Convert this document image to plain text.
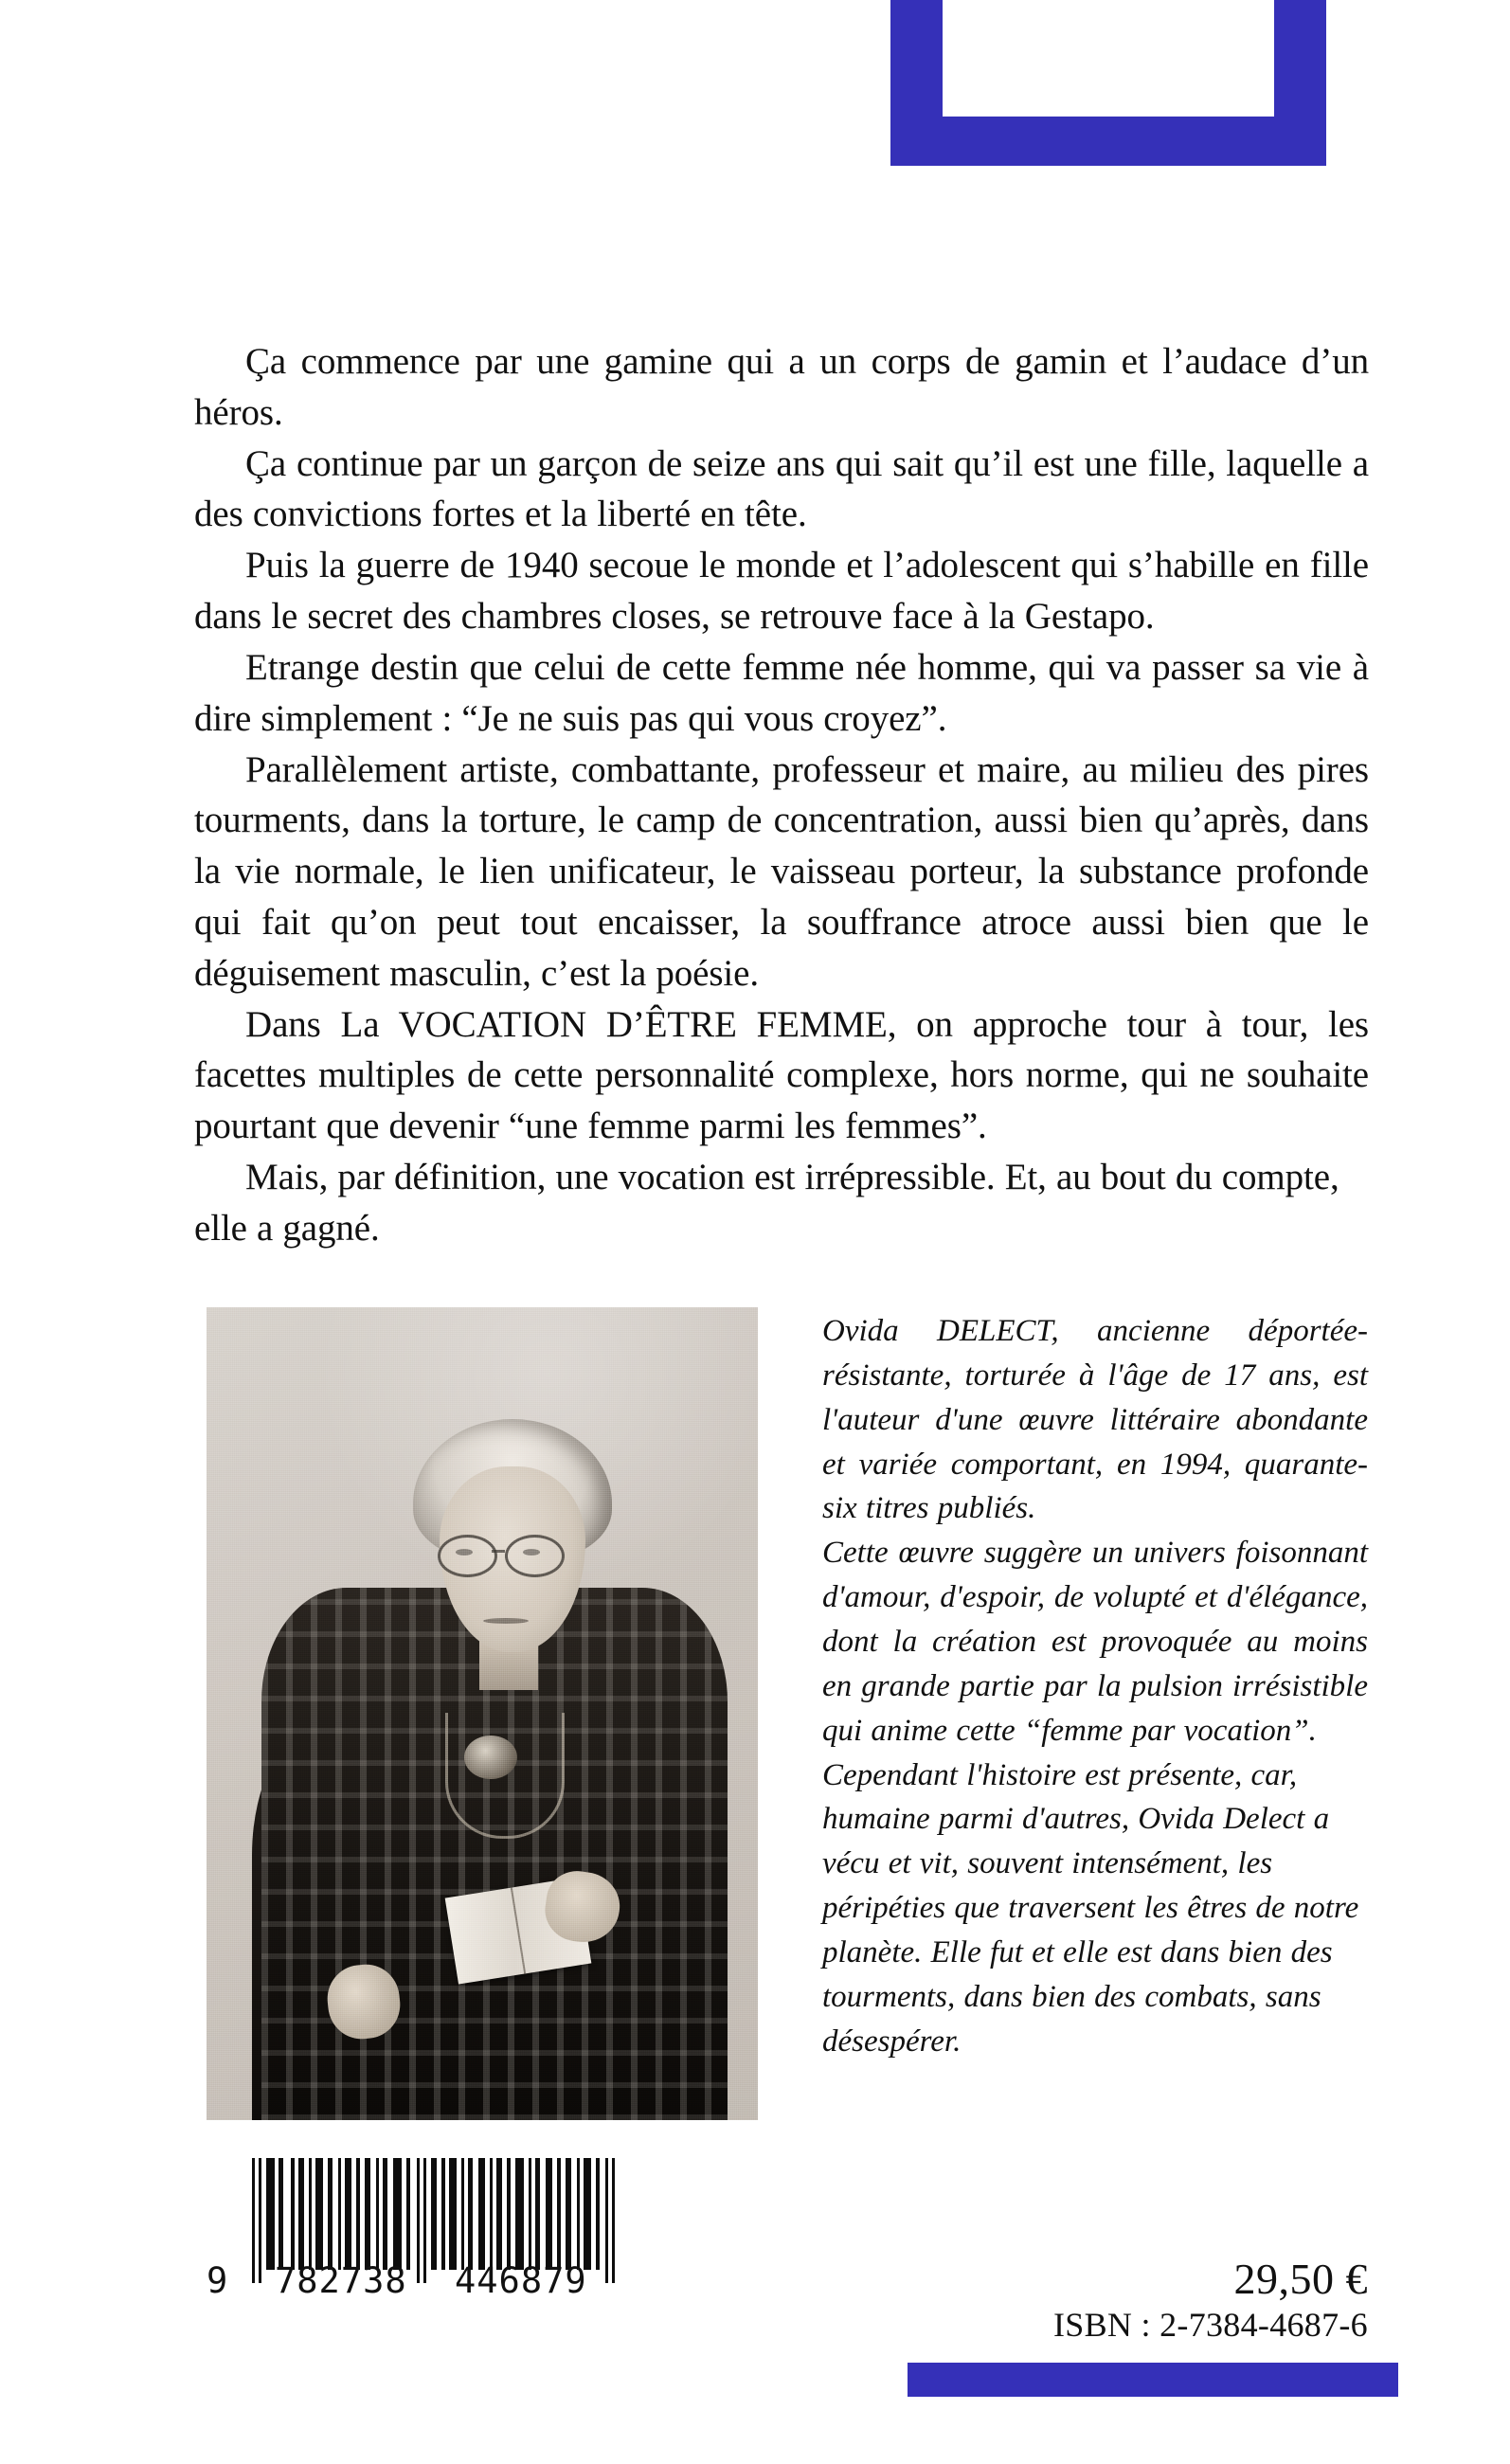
Ça commence par une gamine qui a un corps de gamin et l’audace d’un héros.

Ça continue par un garçon de seize ans qui sait qu’il est une fille, laquelle a des convictions fortes et la liberté en tête.

Puis la guerre de 1940 secoue le monde et l’adolescent qui s’habille en fille dans le secret des chambres closes, se retrouve face à la Gestapo.

Etrange destin que celui de cette femme née homme, qui va passer sa vie à dire simplement : “Je ne suis pas qui vous croyez”.

Parallèlement artiste, combattante, professeur et maire, au milieu des pires tourments, dans la torture, le camp de concentration, aussi bien qu’après, dans la vie normale, le lien unificateur, le vaisseau porteur, la substance profonde qui fait qu’on peut tout encaisser, la souffrance atroce aussi bien que le déguisement masculin, c’est la poésie.

Dans La VOCATION D’ÊTRE FEMME, on approche tour à tour, les facettes multiples de cette personnalité complexe, hors norme, qui ne souhaite pourtant que devenir “une femme parmi les femmes”.

Mais, par définition, une vocation est irrépressible. Et, au bout du compte, elle a gagné.

Ovida DELECT, ancienne déportée-résistante, torturée à l'âge de 17 ans, est l'auteur d'une œuvre littéraire abondante et variée comportant, en 1994, quarante-six titres publiés.

Cette œuvre suggère un univers foisonnant d'amour, d'espoir, de volupté et d'élégance, dont la création est provoquée au moins en grande partie par la pulsion irrésistible qui anime cette “femme par vocation”.

Cependant l'histoire est présente, car, humaine parmi d'autres, Ovida Delect a vécu et vit, souvent intensément, les péripéties que traversent les êtres de notre planète. Elle fut et elle est dans bien des tourments, dans bien des combats, sans désespérer.

29,50 €
ISBN : 2-7384-4687-6

9

782738

446879
